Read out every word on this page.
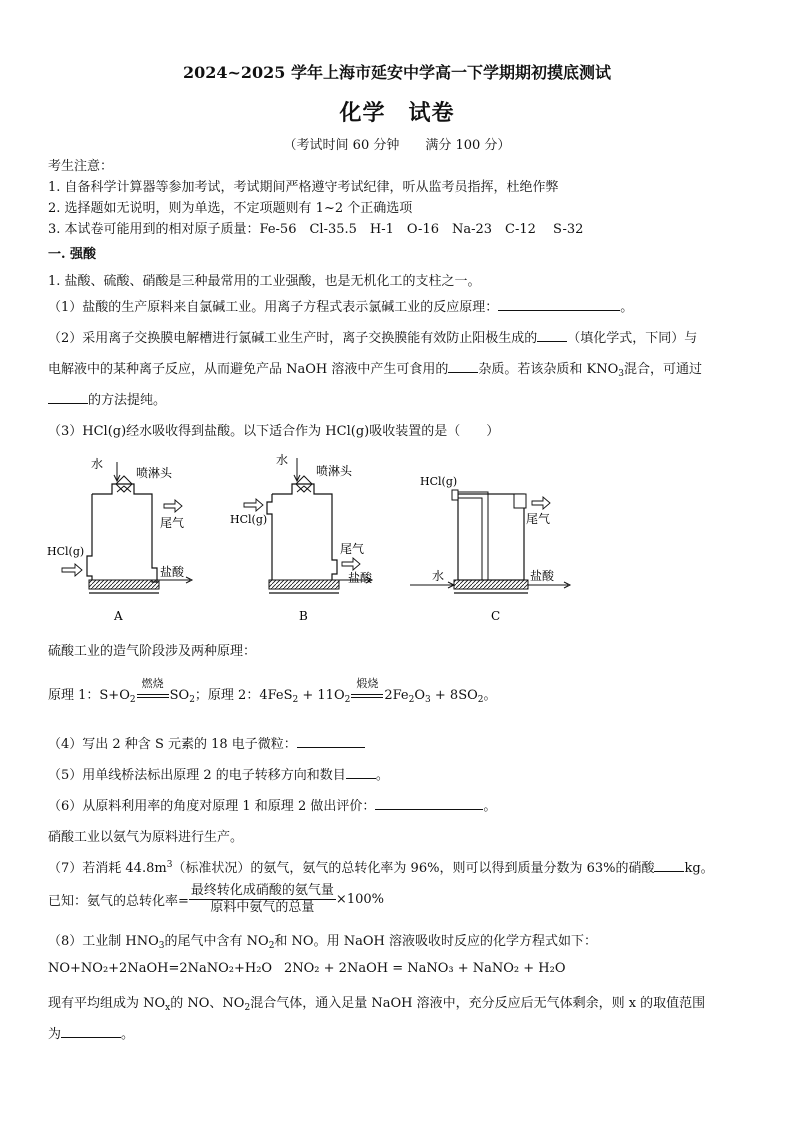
2024~2025 学年上海市延安中学高一下学期期初摸底测试
化学　试卷
（考试时间 60 分钟　　满分 100 分）
考生注意：
1. 自备科学计算器等参加考试，考试期间严格遵守考试纪律，听从监考员指挥，杜绝作弊
2. 选择题如无说明，则为单选，不定项题则有 1~2 个正确选项
3. 本试卷可能用到的相对原子质量：Fe-56　Cl-35.5　H-1　O-16　Na-23　C-12　 S-32
一. 强酸
1. 盐酸、硫酸、硝酸是三种最常用的工业强酸，也是无机化工的支柱之一。
（1）盐酸的生产原料来自氯碱工业。用离子方程式表示氯碱工业的反应原理：	。
（2）采用离子交换膜电解槽进行氯碱工业生产时，离子交换膜能有效防止阳极生成的 （填化学式，下同）与
电解液中的某种离子反应，从而避免产品 NaOH 溶液中产生可食用的 杂质。若该杂质和 $KNO_3$混合，可通过
的方法提纯。
（3）HCl(g)经水吸收得到盐酸。以下适合作为 HCl(g)吸收装置的是（　　）
水
喷淋头
尾气
HCl(g)
盐酸
A
水
喷淋头
HCl(g)
尾气
盐酸
B
HCl(g)
尾气
水	盐酸
C
硫酸工业的造气阶段涉及两种原理：
原理 1：$S+O_2$
燃烧
$SO_2$；原理 2：$4FeS_2 + 11O_2$
煅烧
$2Fe_2O_3 + 8SO_2$。
（4）写出 2 种含 S 元素的 18 电子微粒：
（5）用单线桥法标出原理 2 的电子转移方向和数目 。
（6）从原料利用率的角度对原理 1 和原理 2 做出评价：	。
硝酸工业以氨气为原料进行生产。
（7）若消耗 $44.8m^3$（标准状况）的氨气，氨气的总转化率为 96%，则可以得到质量分数为 63%的硝酸 kg。
已知：氨气的总转化率= $\frac{\text{最终转化成硝酸的氨气量}}{\text{原料中氨气的总量}} \times 100\%$
（8）工业制 $HNO_3$的尾气中含有 $NO_2$和 NO。用 NaOH 溶液吸收时反应的化学方程式如下：
NO+NO₂+2NaOH=2NaNO₂+H₂O 2NO₂ + 2NaOH = NaNO₃ + NaNO₂ + H₂O
现有平均组成为 $NO_x$的 NO、$NO_2$混合气体，通入足量 NaOH 溶液中，充分反应后无气体剩余，则 x 的取值范围
为	。
